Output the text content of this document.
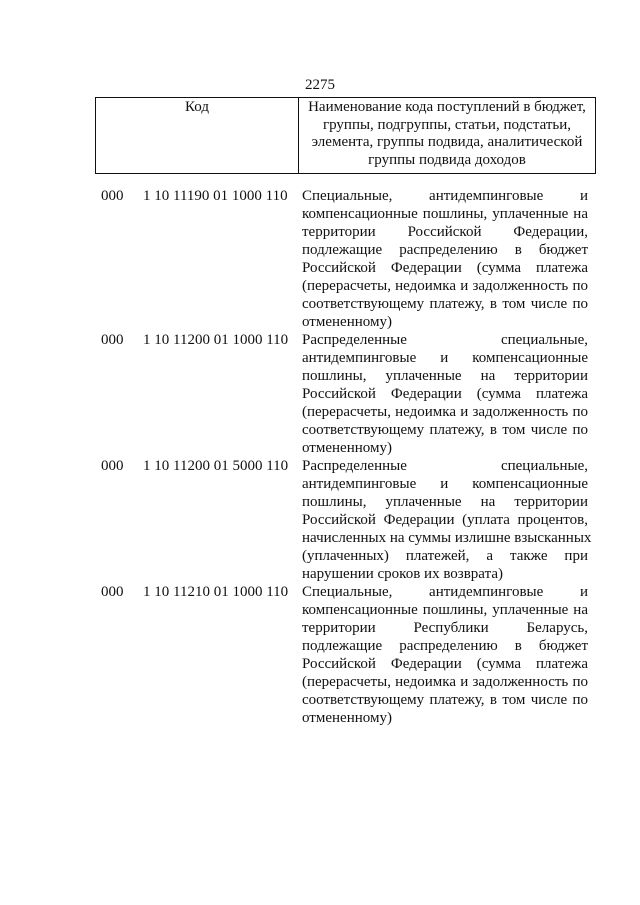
2275
Код	Наименование кода поступлений в бюджет,
группы, подгруппы, статьи, подстатьи,
элемента, группы подвида, аналитической
группы подвида доходов
000 1 10 11190 01 1000 110 Специальные, антидемпинговые и
компенсационные пошлины, уплаченные на
территории Российской Федерации,
подлежащие распределению в бюджет
Российской Федерации (сумма платежа
(перерасчеты, недоимка и задолженность по
соответствующему платежу, в том числе по
отмененному)
000 1 10 11200 01 1000 110 Распределенные специальные,
антидемпинговые и компенсационные
пошлины, уплаченные на территории
Российской Федерации (сумма платежа
(перерасчеты, недоимка и задолженность по
соответствующему платежу, в том числе по
отмененному)
000 1 10 11200 01 5000 110 Распределенные специальные,
антидемпинговые и компенсационные
пошлины, уплаченные на территории
Российской Федерации (уплата процентов,
начисленных на суммы излишне взысканных
(уплаченных) платежей, а также при
нарушении сроков их возврата)
000 1 10 11210 01 1000 110 Специальные, антидемпинговые и
компенсационные пошлины, уплаченные на
территории Республики Беларусь,
подлежащие распределению в бюджет
Российской Федерации (сумма платежа
(перерасчеты, недоимка и задолженность по
соответствующему платежу, в том числе по
отмененному)
